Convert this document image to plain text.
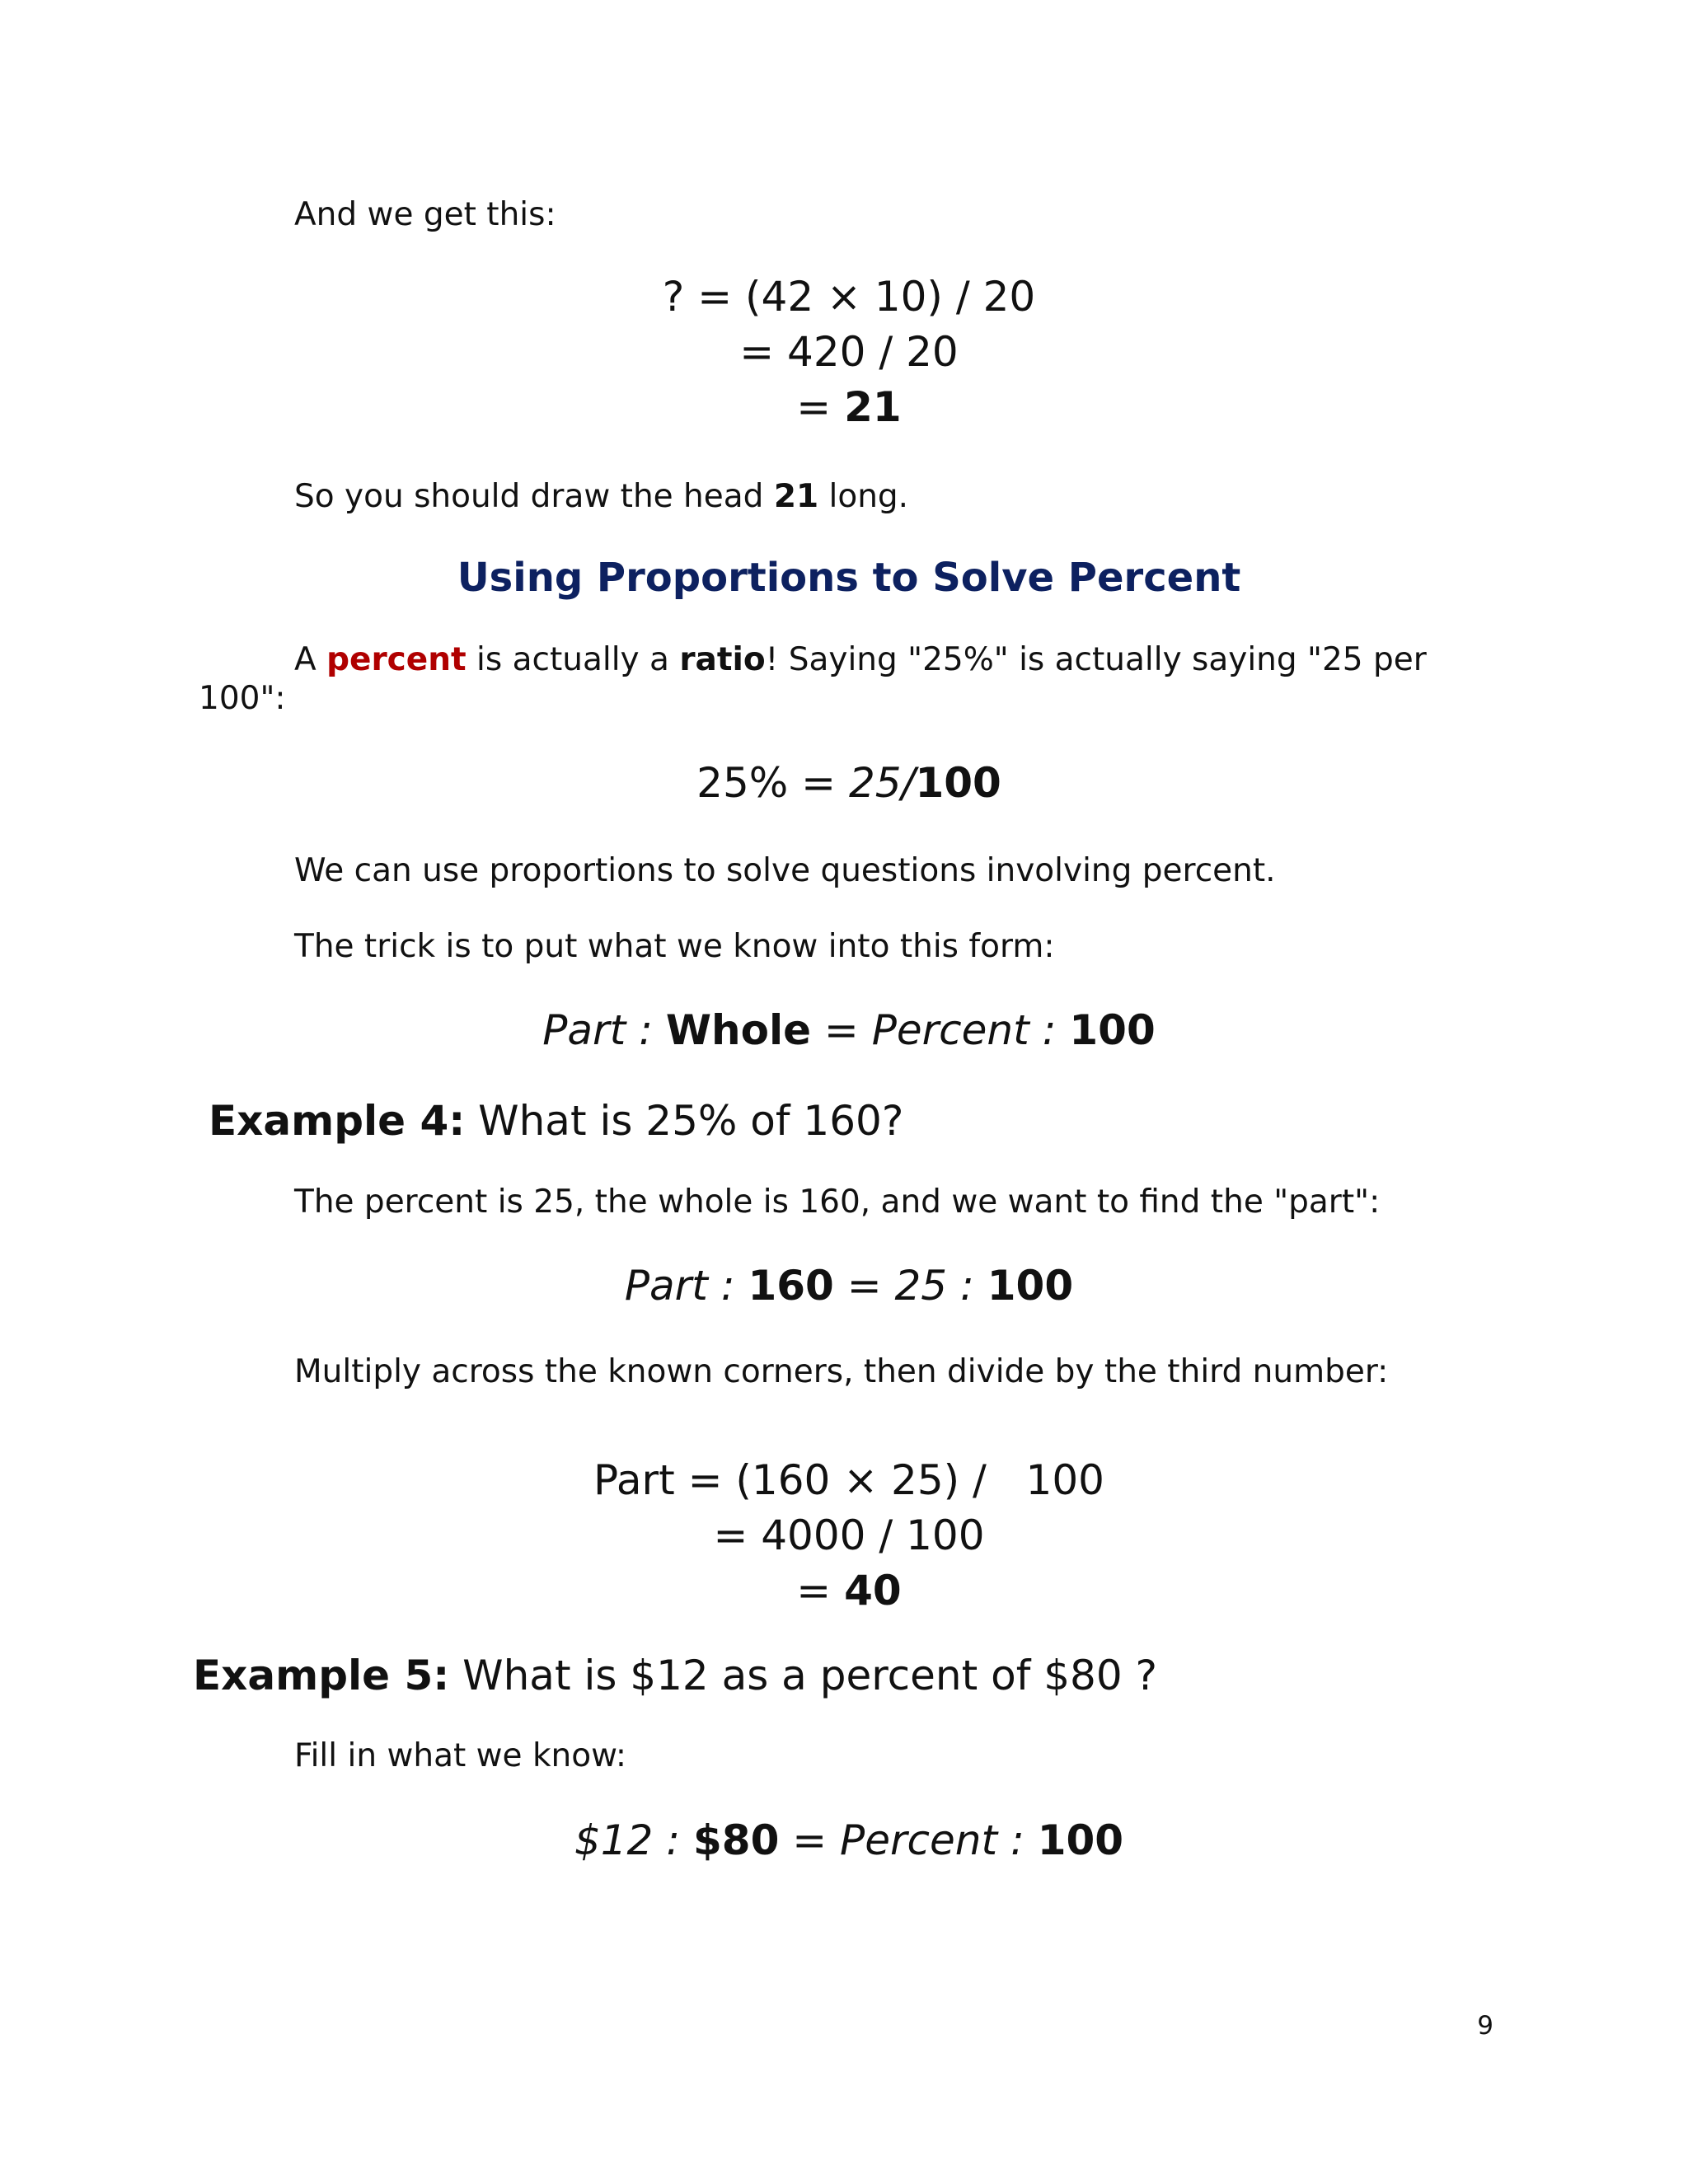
And we get this:
? = (42 × 10) / 20
= 420 / 20
= 21
So you should draw the head 21 long.
Using Proportions to Solve Percent
A percent is actually a ratio! Saying "25%" is actually saying "25 per
100":
25% = 25/100
We can use proportions to solve questions involving percent.
The trick is to put what we know into this form:
Part : Whole = Percent : 100
Example 4: What is 25% of 160?
The percent is 25, the whole is 160, and we want to find the "part":
Part : 160 = 25 : 100
Multiply across the known corners, then divide by the third number:
Part = (160 × 25) /   100
= 4000 / 100
= 40
Example 5: What is $12 as a percent of $80 ?
Fill in what we know:
$12 : $80 = Percent : 100
9
